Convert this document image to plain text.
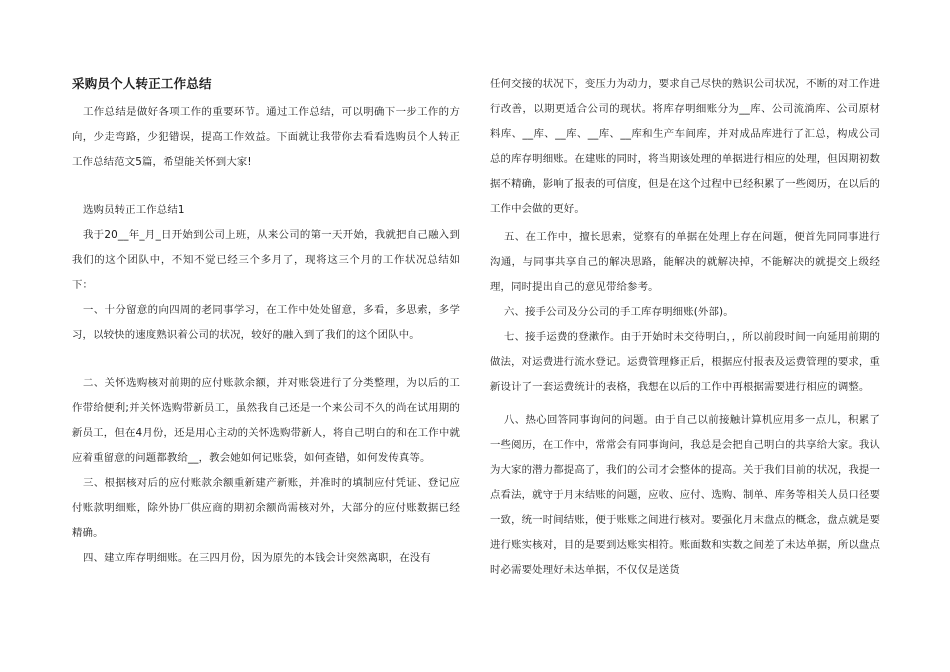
采购员个人转正工作总结

工作总结是做好各项工作的重要环节。通过工作总结，可以明确下一步工作的方向，少走弯路，少犯错误，提高工作效益。下面就让我带你去看看选购员个人转正工作总结范文5篇，希望能关怀到大家!

选购员转正工作总结1

我于20__年_月_日开始到公司上班，从来公司的第一天开始，我就把自己融入到我们的这个团队中，不知不觉已经三个多月了，现将这三个月的工作状况总结如下：

一、十分留意的向四周的老同事学习，在工作中处处留意，多看，多思索，多学习，以较快的速度熟识着公司的状况，较好的融入到了我们的这个团队中。

二、关怀选购核对前期的应付账款余额，并对账袋进行了分类整理，为以后的工作带给便利;并关怀选购带新员工，虽然我自己还是一个来公司不久的尚在试用期的新员工，但在4月份，还是用心主动的关怀选购带新人，将自己明白的和在工作中就应着重留意的问题都教给__，教会她如何记账袋，如何查错，如何发传真等。

三、根据核对后的应付账款余额重新建产新账，并准时的填制应付凭证、登记应付账款明细账，除外协厂供应商的期初余额尚需核对外，大部分的应付账数据已经精确。

四、建立库存明细账。在三四月份，因为原先的本钱会计突然离职，在没有

任何交接的状况下，变压力为动力，要求自己尽快的熟识公司状况，不断的对工作进行改善，以期更适合公司的现状。将库存明细账分为__库、公司流淌库、公司原材料库、__库、__库、__库、__库和生产车间库，并对成品库进行了汇总，构成公司总的库存明细账。在建账的同时，将当期该处理的单据进行相应的处理，但因期初数据不精确，影响了报表的可信度，但是在这个过程中已经积累了一些阅历，在以后的工作中会做的更好。

五、在工作中，擅长思索，觉察有的单据在处理上存在问题，便首先同同事进行沟通，与同事共享自己的解决思路，能解决的就解决掉，不能解决的就提交上级经理，同时提出自己的意见带给参考。

六、接手公司及分公司的手工库存明细账(外部)。

七、接手运费的登漱作。由于开始时未交待明白，，所以前段时间一向延用前期的做法，对运费进行流水登记。运费管理修正后，根据应付报表及运费管理的要求，重新设计了一套运费统计的表格，我想在以后的工作中再根据需要进行相应的调整。

八、热心回答同事询问的问题。由于自己以前接触计算机应用多一点儿，积累了一些阅历，在工作中，常常会有同事询问，我总是会把自己明白的共享给大家。我认为大家的潜力都提高了，我们的公司才会整体的提高。关于我们目前的状况，我提一点看法，就守于月末结账的问题，应收、应付、选购、制单、库务等相关人员口径要一致，统一时间结账，便于账账之间进行核对。要强化月末盘点的概念，盘点就是要进行账实核对，目的是要到达账实相符。账面数和实数之间差了未达单据，所以盘点时必需要处理好未达单据，不仅仅是送货
